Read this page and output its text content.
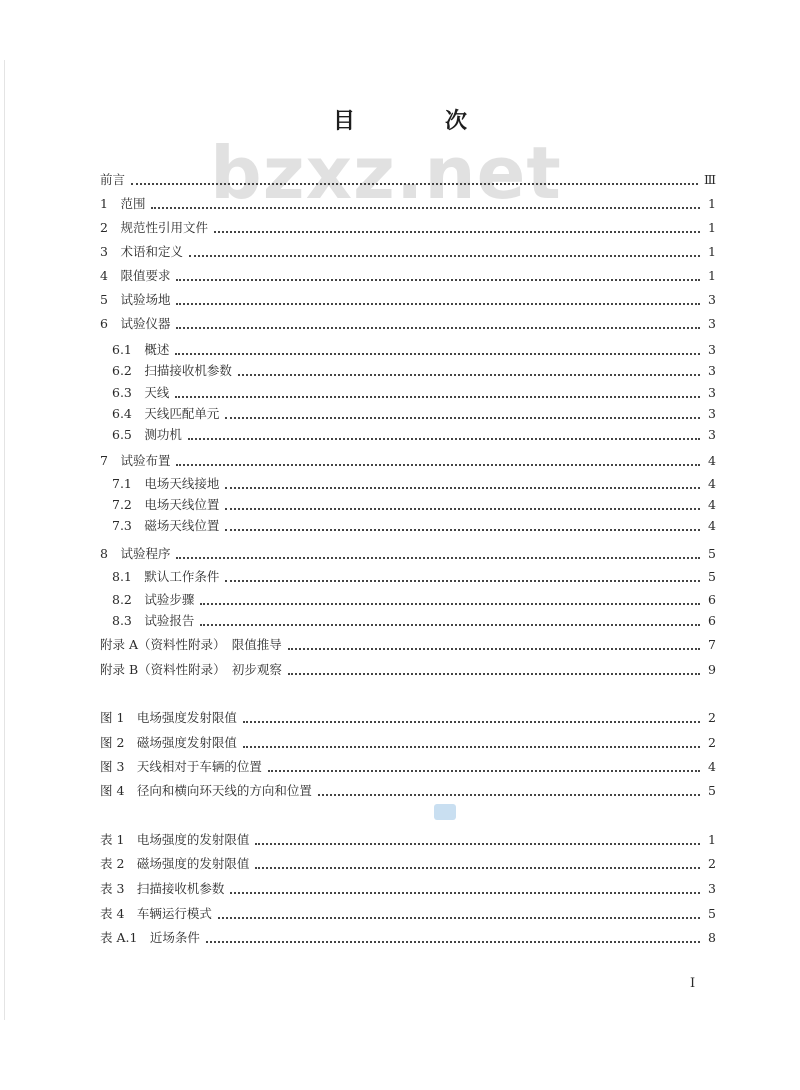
bzxz.net
目　次
前言	Ⅲ
1　范围	1
2　规范性引用文件	1
3　术语和定义	1
4　限值要求	1
5　试验场地	3
6　试验仪器	3
6.1　概述	3
6.2　扫描接收机参数	3
6.3　天线	3
6.4　天线匹配单元	3
6.5　测功机	3
7　试验布置	4
7.1　电场天线接地	4
7.2　电场天线位置	4
7.3　磁场天线位置	4
8　试验程序	5
8.1　默认工作条件	5
8.2　试验步骤	6
8.3　试验报告	6
附录 A（资料性附录）　限值推导	7
附录 B（资料性附录）　初步观察	9
图 1　电场强度发射限值	2
图 2　磁场强度发射限值	2
图 3　天线相对于车辆的位置	4
图 4　径向和横向环天线的方向和位置	5
表 1　电场强度的发射限值	1
表 2　磁场强度的发射限值	2
表 3　扫描接收机参数	3
表 4　车辆运行模式	5
表 A.1　近场条件	8
I
